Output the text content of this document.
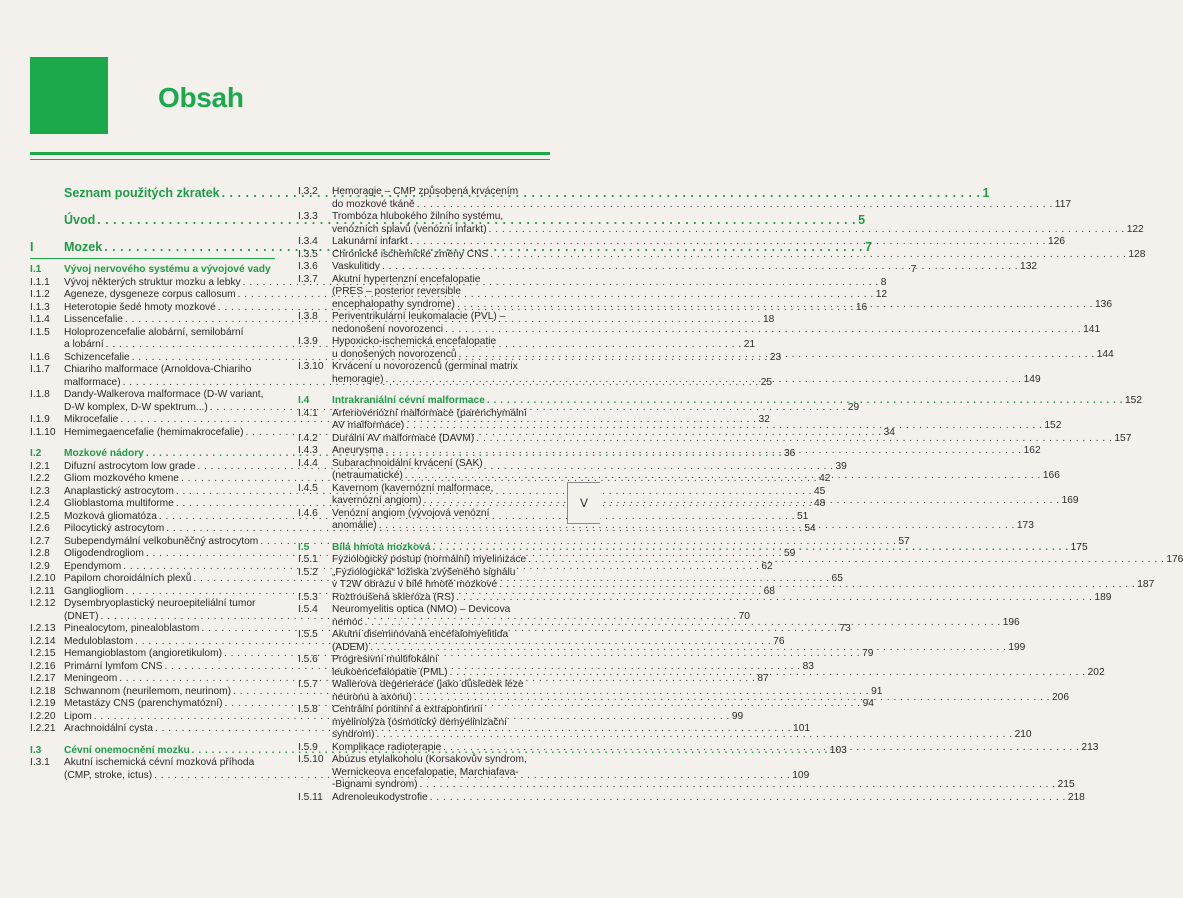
Obsah
Seznam použitých zkratek . . .	1
Úvod . . .	5
I	Mozek . . .	7
I.1	Vývoj nervového systému a vývojové vady	7
I.1.1	Vývoj některých struktur mozku a lebky . . .	8
I.1.2	Ageneze, dysgeneze corpus callosum . . .	12
I.1.3	Heterotopie šedé hmoty mozkové . . .	16
I.1.4	Lissencefalie . . .	18
I.1.5	Holoprozencefalie alobární, semilobární
a lobární . . .	21
I.1.6	Schizencefalie . . .	23
I.1.7	Chiariho malformace (Arnoldova-Chiariho
malformace) . . .	25
I.1.8	Dandy-Walkerova malformace (D-W variant,
D-W komplex, D-W spektrum...) . . .	29
I.1.9	Mikrocefalie . . .	32
I.1.10 Hemimegaencefalie (hemimakrocefalie) . . .	34
I.2	Mozkové nádory . . .	36
I.2.1	Difuzní astrocytom low grade . . .	39
I.2.2	Gliom mozkového kmene . . .	42
I.2.3	Anaplastický astrocytom . . .	45
I.2.4	Glioblastoma multiforme . . .	48
I.2.5	Mozková gliomatóza . . .	51
I.2.6	Pilocytický astrocytom . . .	54
I.2.7	Subependymální velkobuněčný astrocytom . . .	57
I.2.8	Oligodendrogliom . . .	59
I.2.9	Ependymom . . .	62
I.2.10 Papilom choroidálních plexů . . .	65
I.2.11 Gangliogliom . . .	68
I.2.12 Dysembryoplastický neuroepiteliální tumor
(DNET) . . .	70
I.2.13 Pinealocytom, pinealoblastom . . .	73
I.2.14 Meduloblastom . . .	76
I.2.15 Hemangioblastom (angioretikulom) . . .	79
I.2.16 Primární lymfom CNS . . .	83
I.2.17 Meningeom . . .	87
I.2.18 Schwannom (neurilemom, neurinom) . . .	91
I.2.19 Metastázy CNS (parenchymatózní) . . .	94
I.2.20 Lipom . . .	99
I.2.21 Arachnoidální cysta . . .	101
I.3	Cévní onemocnění mozku . . .	103
I.3.1	Akutní ischemická cévní mozková příhoda
(CMP, stroke, ictus) . . .	109
I.3.2	Hemoragie – CMP způsobená krvácením
do mozkové tkáně . . .	117
I.3.3	Trombóza hlubokého žilního systému,
venózních splavů (venózní infarkt) . . .	122
I.3.4	Lakunární infarkt . . .	126
I.3.5	Chronické ischemické změny CNS . . .	128
I.3.6	Vaskulitidy . . .	132
I.3.7	Akutní hypertenzní encefalopatie
(PRES – posterior reversible
encephalopathy syndrome) . . .	136
I.3.8	Periventrikulární leukomalacie (PVL) –
nedonošení novorozenci . . .	141
I.3.9	Hypoxicko-ischemická encefalopatie
u donošených novorozenců . . .	144
I.3.10 Krvácení u novorozenců (germinal matrix
hemoragie) . . .	149
I.4	Intrakraniální cévní malformace . . .	152
I.4.1	Arteriovenózní malformace (parenchymální
AV malformace) . . .	152
I.4.2	Durální AV malformace (DAVM) . . .	157
I.4.3	Aneurysma . . .	162
I.4.4	Subarachnoidální krvácení (SAK)
(netraumatické) . . .	166
I.4.5	Kavernom (kavernózní malformace,
kavernózní angiom) . . .	169
I.4.6	Venózní angiom (vývojová venózní
anomálie) . . .	173
I.5	Bílá hmota mozková . . .	175
I.5.1	Fyziologický postup (normální) myelinizace . . .	176
I.5.2	„Fyziologická“ ložiska zvýšeného signálu
v T2W obrazu v bílé hmotě mozkové . . .	187
I.5.3	Roztroušená skleróza (RS) . . .	189
I.5.4	Neuromyelitis optica (NMO) – Devicova
nemoc . . .	196
I.5.5	Akutní diseminovaná encefalomyelitida
(ADEM) . . .	199
I.5.6	Progresivní multifokální
leukoencefalopatie (PML) . . .	202
I.5.7	Wallerova degenerace (jako důsledek léze
neuronu a axonu) . . .	206
I.5.8	Centrální pontinní a extrapontinní
myelinolýza (osmotický demyelinizační
syndrom) . . .	210
I.5.9	Komplikace radioterapie . . .	213
I.5.10 Abúzus etylalkoholu (Korsakovův syndrom,
Wernickeova encefalopatie, Marchiafava-
-Bignami syndrom) . . .	215
I.5.11 Adrenoleukodystrofie . . .	218
V
